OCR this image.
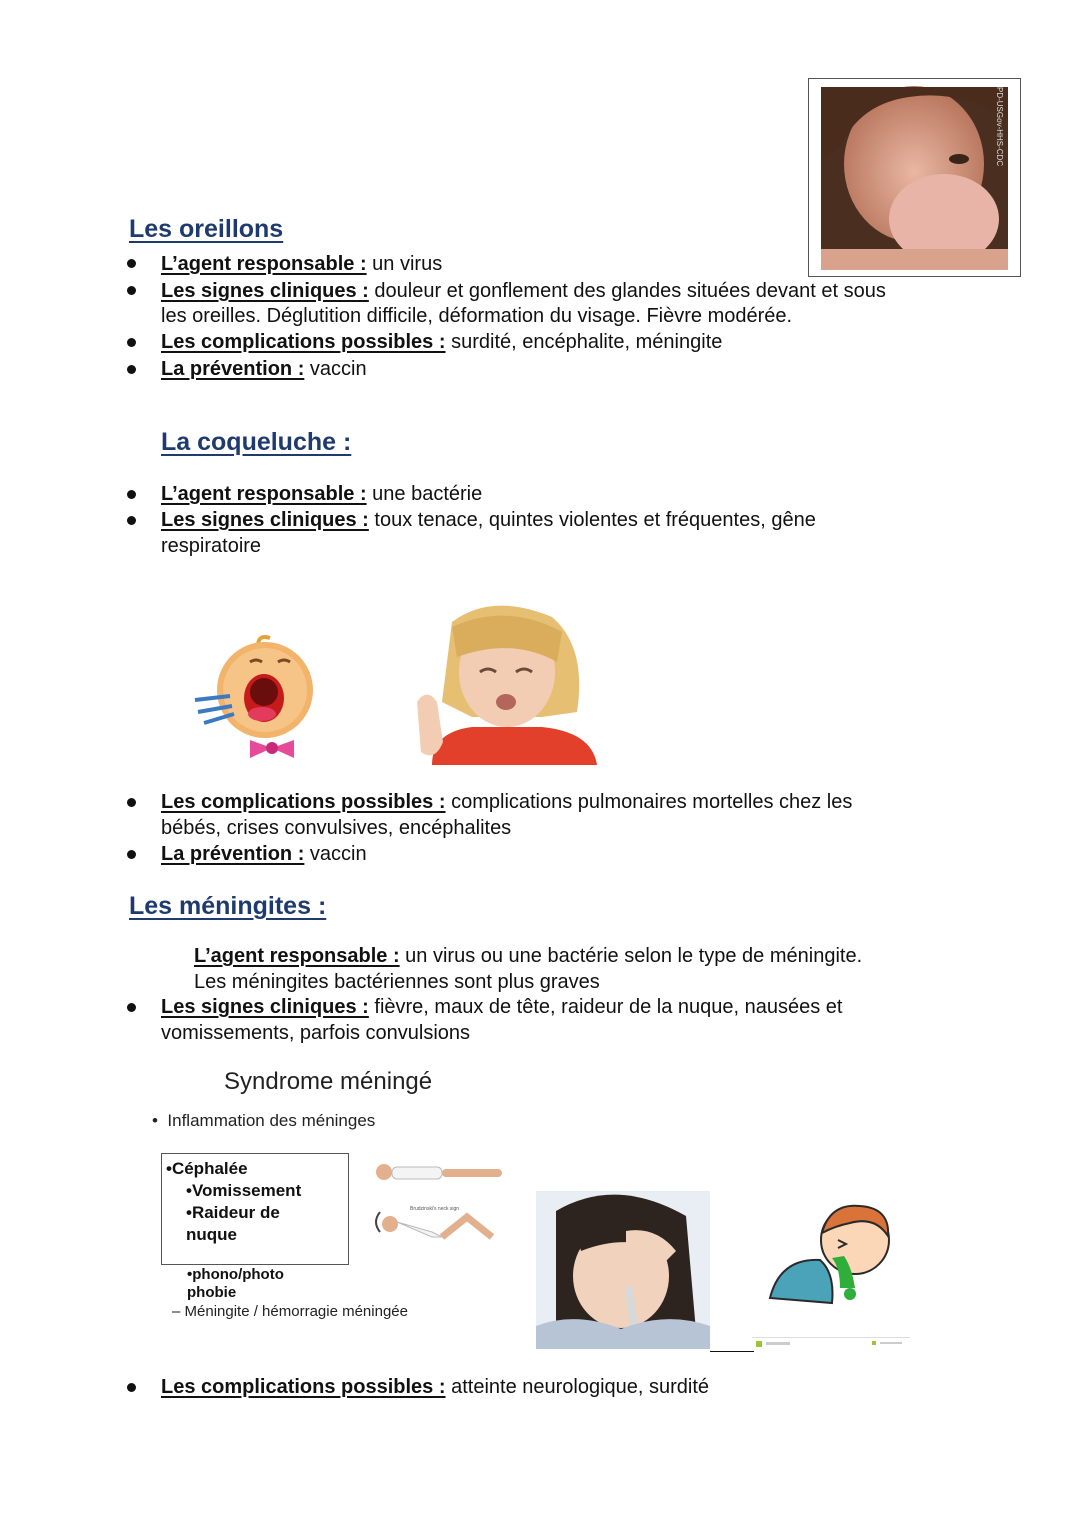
PD-USGov-HHS-CDC
Les oreillons
L’agent responsable : un virus
Les signes cliniques : douleur et gonflement des glandes situées devant et sous
les oreilles. Déglutition difficile, déformation du visage. Fièvre modérée.
Les complications possibles : surdité, encéphalite, méningite
La prévention : vaccin
La coqueluche :
L’agent responsable : une bactérie
Les signes cliniques : toux tenace, quintes violentes et fréquentes, gêne
respiratoire
Les complications possibles : complications pulmonaires mortelles chez les
bébés, crises convulsives, encéphalites
La prévention : vaccin
Les méningites :
L’agent responsable : un virus ou une bactérie selon le type de méningite.
Les méningites bactériennes sont plus graves
Les signes cliniques : fièvre, maux de tête, raideur de la nuque, nausées et
vomissements, parfois convulsions
Syndrome méningé
•  Inflammation des méninges
•Céphalée
•Vomissement
•Raideur de
nuque
•phono/photo
phobie
– Méningite / hémorragie méningée
Brudzinski's neck sign
Les complications possibles : atteinte neurologique, surdité
